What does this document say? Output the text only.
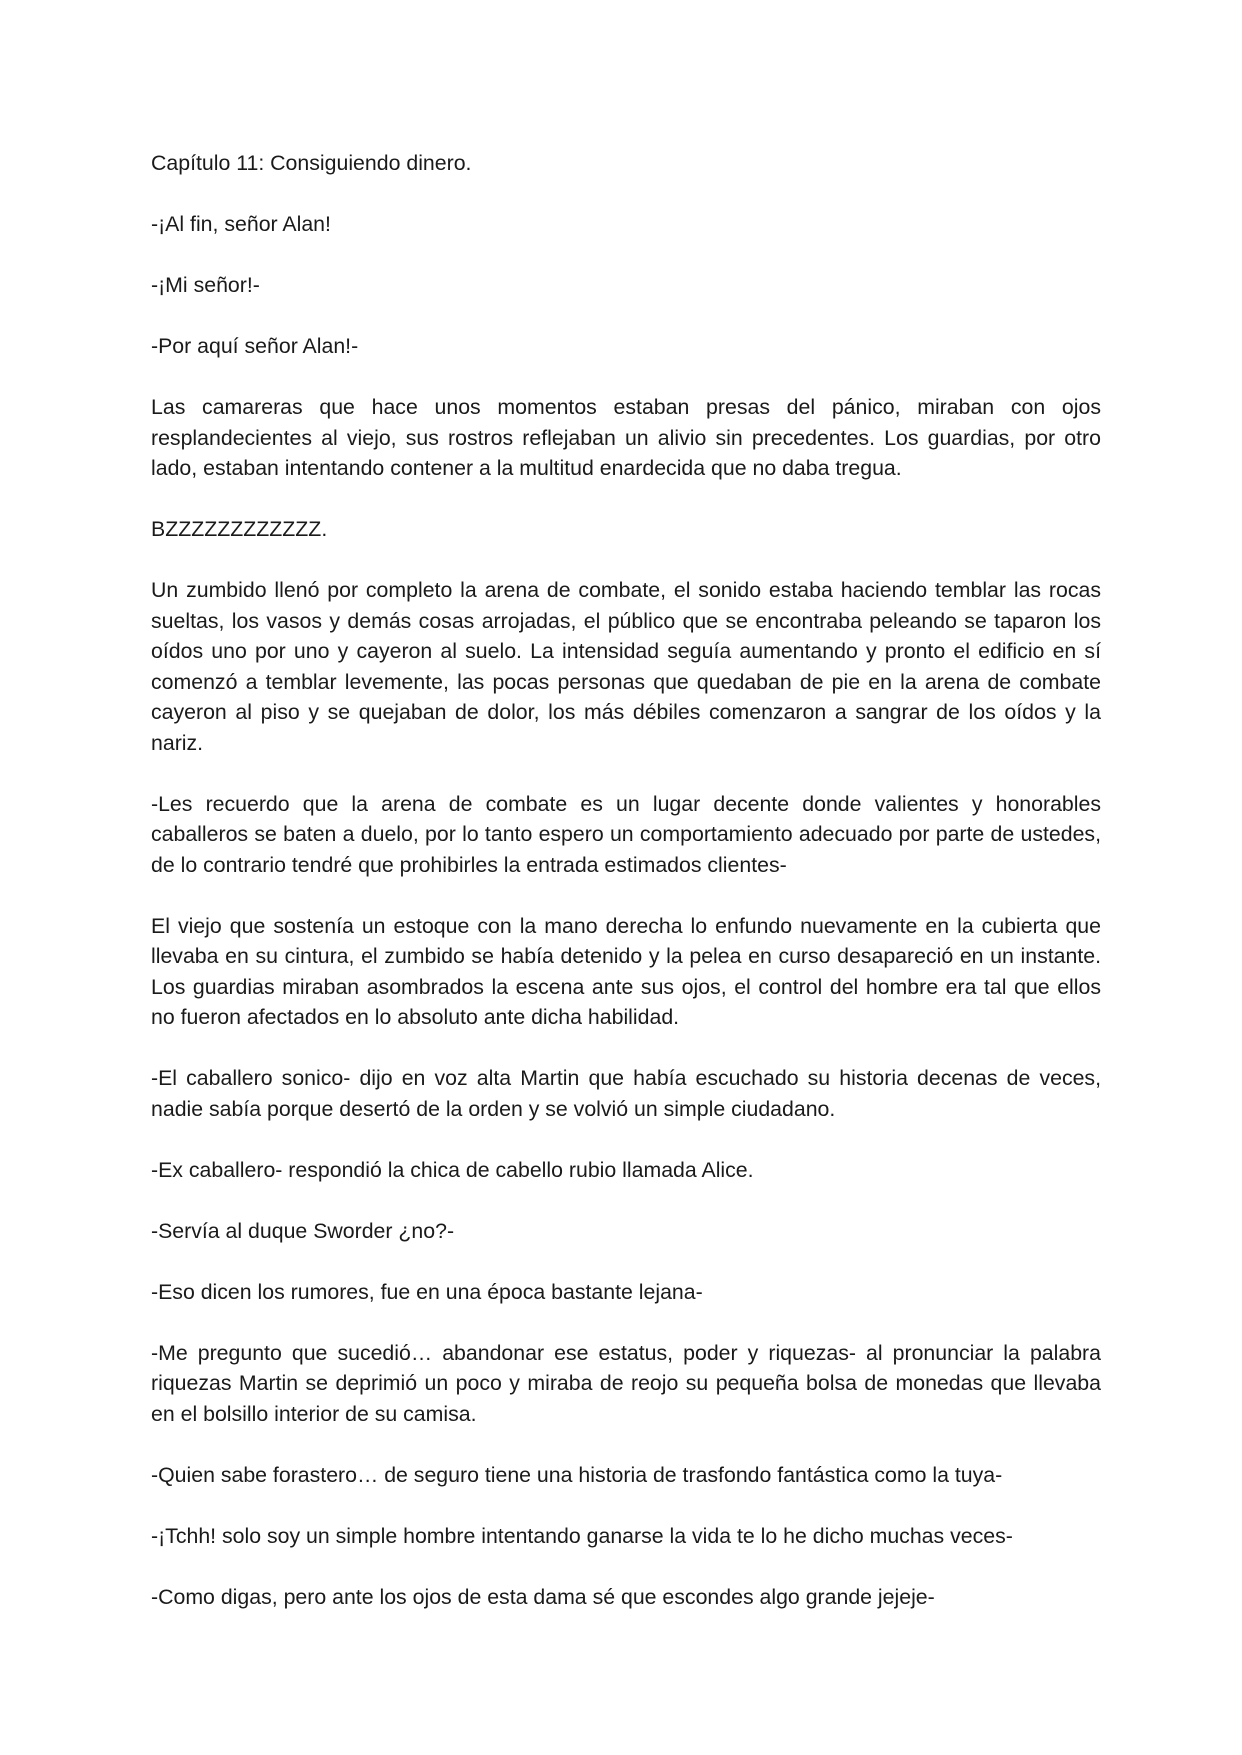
Capítulo 11: Consiguiendo dinero.

-¡Al fin, señor Alan!

-¡Mi señor!-

-Por aquí señor Alan!-

Las camareras que hace unos momentos estaban presas del pánico, miraban con ojos resplandecientes al viejo, sus rostros reflejaban un alivio sin precedentes. Los guardias, por otro lado, estaban intentando contener a la multitud enardecida que no daba tregua.

BZZZZZZZZZZZZ.

Un zumbido llenó por completo la arena de combate, el sonido estaba haciendo temblar las rocas sueltas, los vasos y demás cosas arrojadas, el público que se encontraba peleando se taparon los oídos uno por uno y cayeron al suelo. La intensidad seguía aumentando y pronto el edificio en sí comenzó a temblar levemente, las pocas personas que quedaban de pie en la arena de combate cayeron al piso y se quejaban de dolor, los más débiles comenzaron a sangrar de los oídos y la nariz.

-Les recuerdo que la arena de combate es un lugar decente donde valientes y honorables caballeros se baten a duelo, por lo tanto espero un comportamiento adecuado por parte de ustedes, de lo contrario tendré que prohibirles la entrada estimados clientes-

El viejo que sostenía un estoque con la mano derecha lo enfundo nuevamente en la cubierta que llevaba en su cintura, el zumbido se había detenido y la pelea en curso desapareció en un instante. Los guardias miraban asombrados la escena ante sus ojos, el control del hombre era tal que ellos no fueron afectados en lo absoluto ante dicha habilidad.

-El caballero sonico- dijo en voz alta Martin que había escuchado su historia decenas de veces, nadie sabía porque desertó de la orden y se volvió un simple ciudadano.

-Ex caballero- respondió la chica de cabello rubio llamada Alice.

-Servía al duque Sworder ¿no?-

-Eso dicen los rumores, fue en una época bastante lejana-

-Me pregunto que sucedió… abandonar ese estatus, poder y riquezas- al pronunciar la palabra riquezas Martin se deprimió un poco y miraba de reojo su pequeña bolsa de monedas que llevaba en el bolsillo interior de su camisa.

-Quien sabe forastero… de seguro tiene una historia de trasfondo fantástica como la tuya-

-¡Tchh! solo soy un simple hombre intentando ganarse la vida te lo he dicho muchas veces-

-Como digas, pero ante los ojos de esta dama sé que escondes algo grande jejeje-
